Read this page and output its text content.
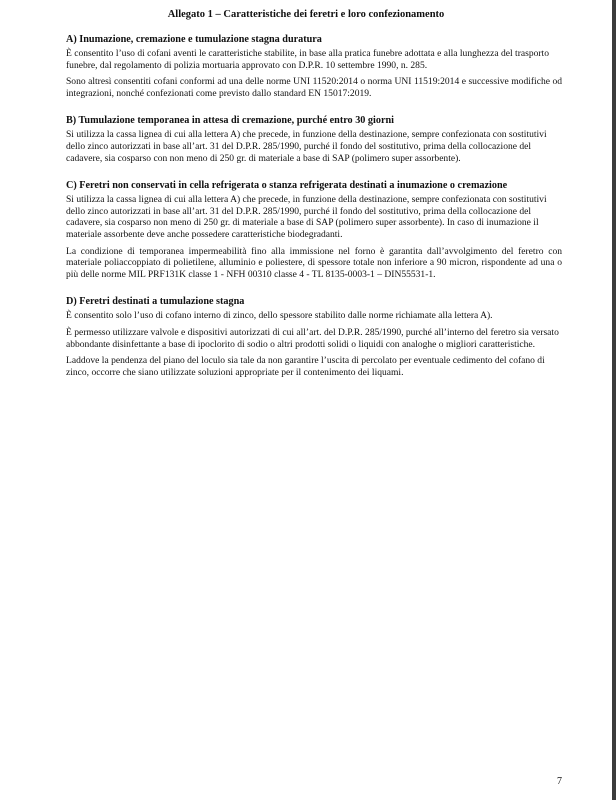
Allegato 1 – Caratteristiche dei feretri e loro confezionamento
A) Inumazione, cremazione e tumulazione stagna duratura
È consentito l’uso di cofani aventi le caratteristiche stabilite, in base alla pratica funebre adottata e alla lunghezza del trasporto funebre, dal regolamento di polizia mortuaria approvato con D.P.R. 10 settembre 1990, n. 285.
Sono altresì consentiti cofani conformi ad una delle norme UNI 11520:2014 o norma UNI 11519:2014 e successive modifiche od integrazioni, nonché confezionati come previsto dallo standard EN 15017:2019.
B) Tumulazione temporanea in attesa di cremazione, purché entro 30 giorni
Si utilizza la cassa lignea di cui alla lettera A) che precede, in funzione della destinazione, sempre confezionata con sostitutivi dello zinco autorizzati in base all’art. 31 del D.P.R. 285/1990, purché il fondo del sostitutivo, prima della collocazione del cadavere, sia cosparso con non meno di 250 gr. di materiale a base di SAP (polimero super assorbente).
C) Feretri non conservati in cella refrigerata o stanza refrigerata destinati a inumazione o cremazione
Si utilizza la cassa lignea di cui alla lettera A) che precede, in funzione della destinazione, sempre confezionata con sostitutivi dello zinco autorizzati in base all’art. 31 del D.P.R. 285/1990, purché il fondo del sostitutivo, prima della collocazione del cadavere, sia cosparso non meno di 250 gr. di materiale a base di SAP (polimero super assorbente). In caso di inumazione il materiale assorbente deve anche possedere caratteristiche biodegradanti.
La condizione di temporanea impermeabilità fino alla immissione nel forno è garantita dall’avvolgimento del feretro con materiale poliaccoppiato di polietilene, alluminio e poliestere, di spessore totale non inferiore a 90 micron, rispondente ad una o più delle norme MIL PRF131K classe 1 - NFH 00310 classe 4 - TL 8135-0003-1 – DIN55531-1.
D) Feretri destinati a tumulazione stagna
È consentito solo l’uso di cofano interno di zinco, dello spessore stabilito dalle norme richiamate alla lettera A).
È permesso utilizzare valvole e dispositivi autorizzati di cui all’art. del D.P.R. 285/1990, purché all’interno del feretro sia versato abbondante disinfettante a base di ipoclorito di sodio o altri prodotti solidi o liquidi con analoghe o migliori caratteristiche.
Laddove la pendenza del piano del loculo sia tale da non garantire l’uscita di percolato per eventuale cedimento del cofano di zinco, occorre che siano utilizzate soluzioni appropriate per il contenimento dei liquami.
7
